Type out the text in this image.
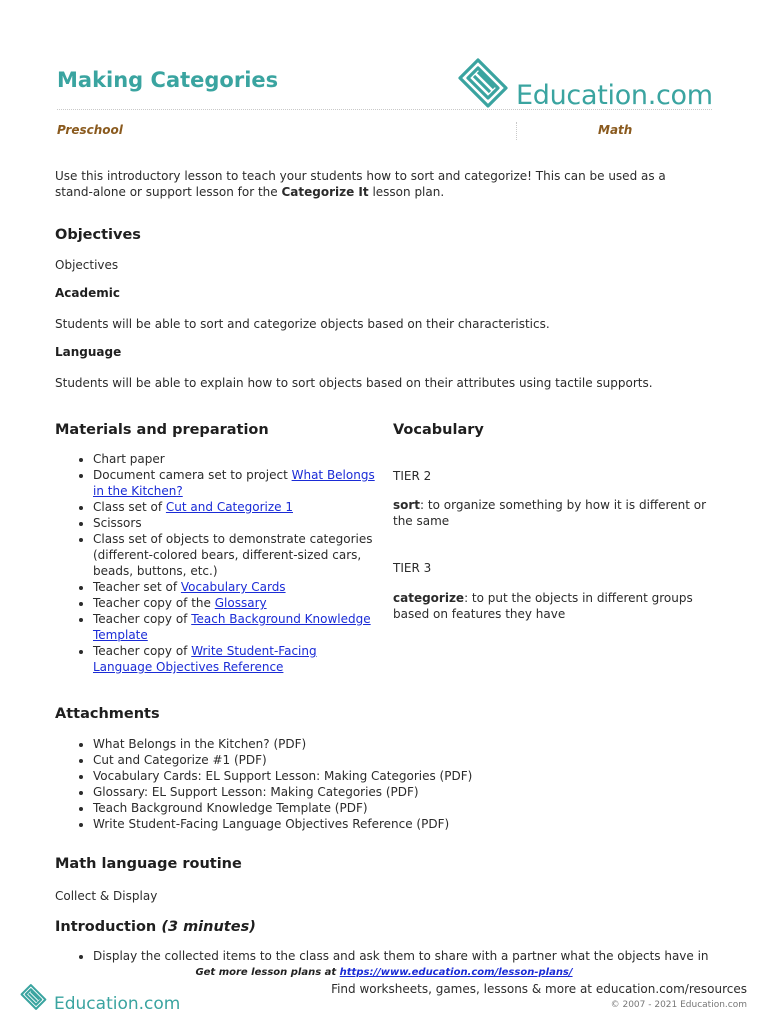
Making Categories	Education.com
Preschool	Math

Use this introductory lesson to teach your students how to sort and categorize! This can be used as a stand-alone or support lesson for the Categorize It lesson plan.

Objectives

Objectives

Academic

Students will be able to sort and categorize objects based on their characteristics.

Language

Students will be able to explain how to sort objects based on their attributes using tactile supports.

Materials and preparation
• Chart paper
• Document camera set to project What Belongs in the Kitchen?
• Class set of Cut and Categorize 1
• Scissors
• Class set of objects to demonstrate categories (different-colored bears, different-sized cars, beads, buttons, etc.)
• Teacher set of Vocabulary Cards
• Teacher copy of the Glossary
• Teacher copy of Teach Background Knowledge Template
• Teacher copy of Write Student-Facing Language Objectives Reference
Vocabulary

TIER 2

sort: to organize something by how it is different or the same

TIER 3

categorize: to put the objects in different groups based on features they have

Attachments
• What Belongs in the Kitchen? (PDF)
• Cut and Categorize #1 (PDF)
• Vocabulary Cards: EL Support Lesson: Making Categories (PDF)
• Glossary: EL Support Lesson: Making Categories (PDF)
• Teach Background Knowledge Template (PDF)
• Write Student-Facing Language Objectives Reference (PDF)
Math language routine

Collect & Display

Introduction (3 minutes)
• Display the collected items to the class and ask them to share with a partner what the objects have in
Get more lesson plans at https://www.education.com/lesson-plans/
Education.com
Find worksheets, games, lessons & more at education.com/resources
© 2007 - 2021 Education.com
